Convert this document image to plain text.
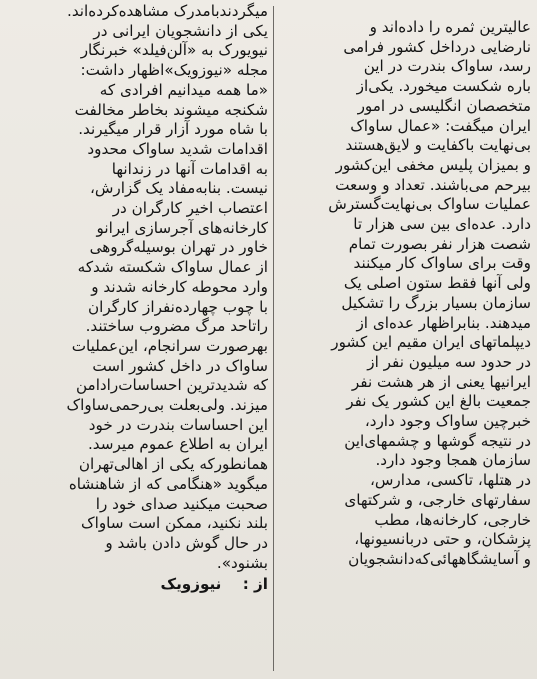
عالیترین ثمره را داده‌اند و
نارضایی درداخل کشور فرامی
رسد، ساواک بندرت در این
باره شکست میخورد. یکی‌از
متخصصان انگلیسی در امور
ایران میگفت: «عمال ساواک
بی‌نهایت باکفایت و لایق‌هستند
و بمیزان پلیس مخفی این‌کشور
بیرحم می‌باشند. تعداد و وسعت
عملیات ساواک بی‌نهایت‌گسترش
دارد. عده‌ای بین سی هزار تا
شصت هزار نفر بصورت تمام
وقت برای ساواک کار میکنند
ولی آنها فقط ستون اصلی یک
سازمان بسیار بزرگ را تشکیل
میدهند. بنابراظهار عده‌ای از
دیپلماتهای ایران مقیم این کشور
در حدود سه میلیون نفر از
ایرانیها یعنی از هر هشت نفر
جمعیت بالغ این کشور یک نفر
خبرچین ساواک وجود دارد،
در نتیجه گوشها و چشمهای‌این
سازمان همجا وجود دارد.
در هتلها، تاکسی، مدارس،
سفارتهای خارجی، و شرکتهای
خارجی، کارخانه‌ها، مطب
پزشکان، و حتی دربانسیونها،
و آسایشگاههائی‌که‌دانشجویان
میگردندبامدرک مشاهده‌کرده‌اند.
یکی از دانشجویان ایرانی در
نیویورک به «آلن‌فیلد» خبرنگار
مجله «نیوزویک»اظهار داشت:
«ما همه میدانیم افرادی که
شکنجه میشوند بخاطر مخالفت
با شاه مورد آزار قرار میگیرند.
اقدامات شدید ساواک محدود
به اقدامات آنها در زندانها
نیست. بنابه‌مفاد یک گزارش،
اعتصاب اخیر کارگران در
کارخانه‌های آجرسازی ایرانو
خاور در تهران بوسیله‌گروهی
از عمال ساواک شکسته شدکه
وارد محوطه کارخانه شدند و
با چوب چهارده‌نفراز کارگران
راتاحد مرگ مضروب ساختند.
بهرصورت سرانجام، این‌عملیات
ساواک در داخل کشور است
که شدیدترین احساسات‌رادامن
میزند. ولی‌بعلت بی‌رحمی‌ساواک
این احساسات بندرت در خود
ایران به اطلاع عموم میرسد.
همانطورکه یکی از اهالی‌تهران
میگوید «هنگامی که از شاهنشاه
صحبت میکنید صدای خود را
بلند نکنید، ممکن است ساواک
در حال گوش دادن باشد و
بشنود».
از : نیوزویک
